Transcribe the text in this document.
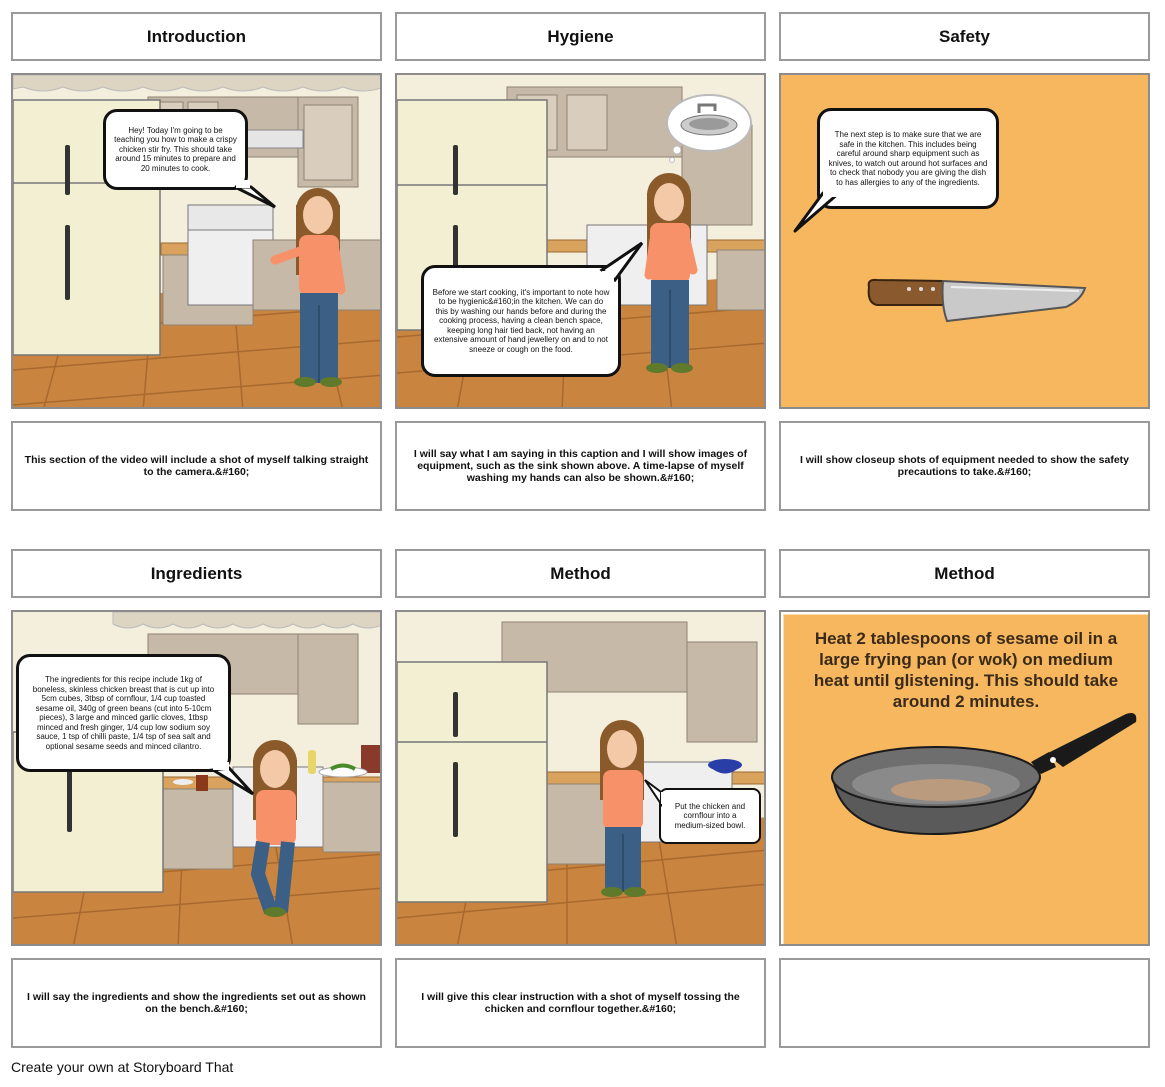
Introduction	Hygiene	Safety
Hey! Today I'm going to be teaching you how to make a crispy chicken stir fry. This should take around 15 minutes to prepare and 20 minutes to cook.
Before we start cooking, it's important to note how to be hygienic&#160;in the kitchen. We can do this by washing our hands before and during the cooking process, having a clean bench space, keeping long hair tied back, not having an extensive amount of hand jewellery on and to not sneeze or cough on the food.
The next step is to make sure that we are safe in the kitchen. This includes being careful around sharp equipment such as knives, to watch out around hot surfaces and to check that nobody you are giving the dish to has allergies to any of the ingredients.
This section of the video will include a shot of myself talking straight to the camera.&#160;
I will say what I am saying in this caption and I will show images of equipment, such as the sink shown above. A time-lapse of myself washing my hands can also be shown.&#160;
I will show closeup shots of equipment needed to show the safety precautions to take.&#160;
Ingredients	Method	Method
The ingredients for this recipe include 1kg of boneless, skinless chicken breast that is cut up into 5cm cubes, 3tbsp of cornflour, 1/4 cup toasted sesame oil, 340g of green beans (cut into 5-10cm pieces), 3 large and minced garlic cloves, 1tbsp minced and fresh ginger, 1/4 cup low sodium soy sauce, 1 tsp of chilli paste, 1/4 tsp of sea salt and optional sesame seeds and minced cilantro.
Put the chicken and cornflour into a medium-sized bowl.
Heat 2 tablespoons of sesame oil in a large frying pan (or wok) on medium heat until glistening. This should take around 2 minutes.
I will say the ingredients and show the ingredients set out as shown on the bench.&#160;
I will give this clear instruction with a shot of myself tossing the chicken and cornflour together.&#160;
Create your own at Storyboard That
